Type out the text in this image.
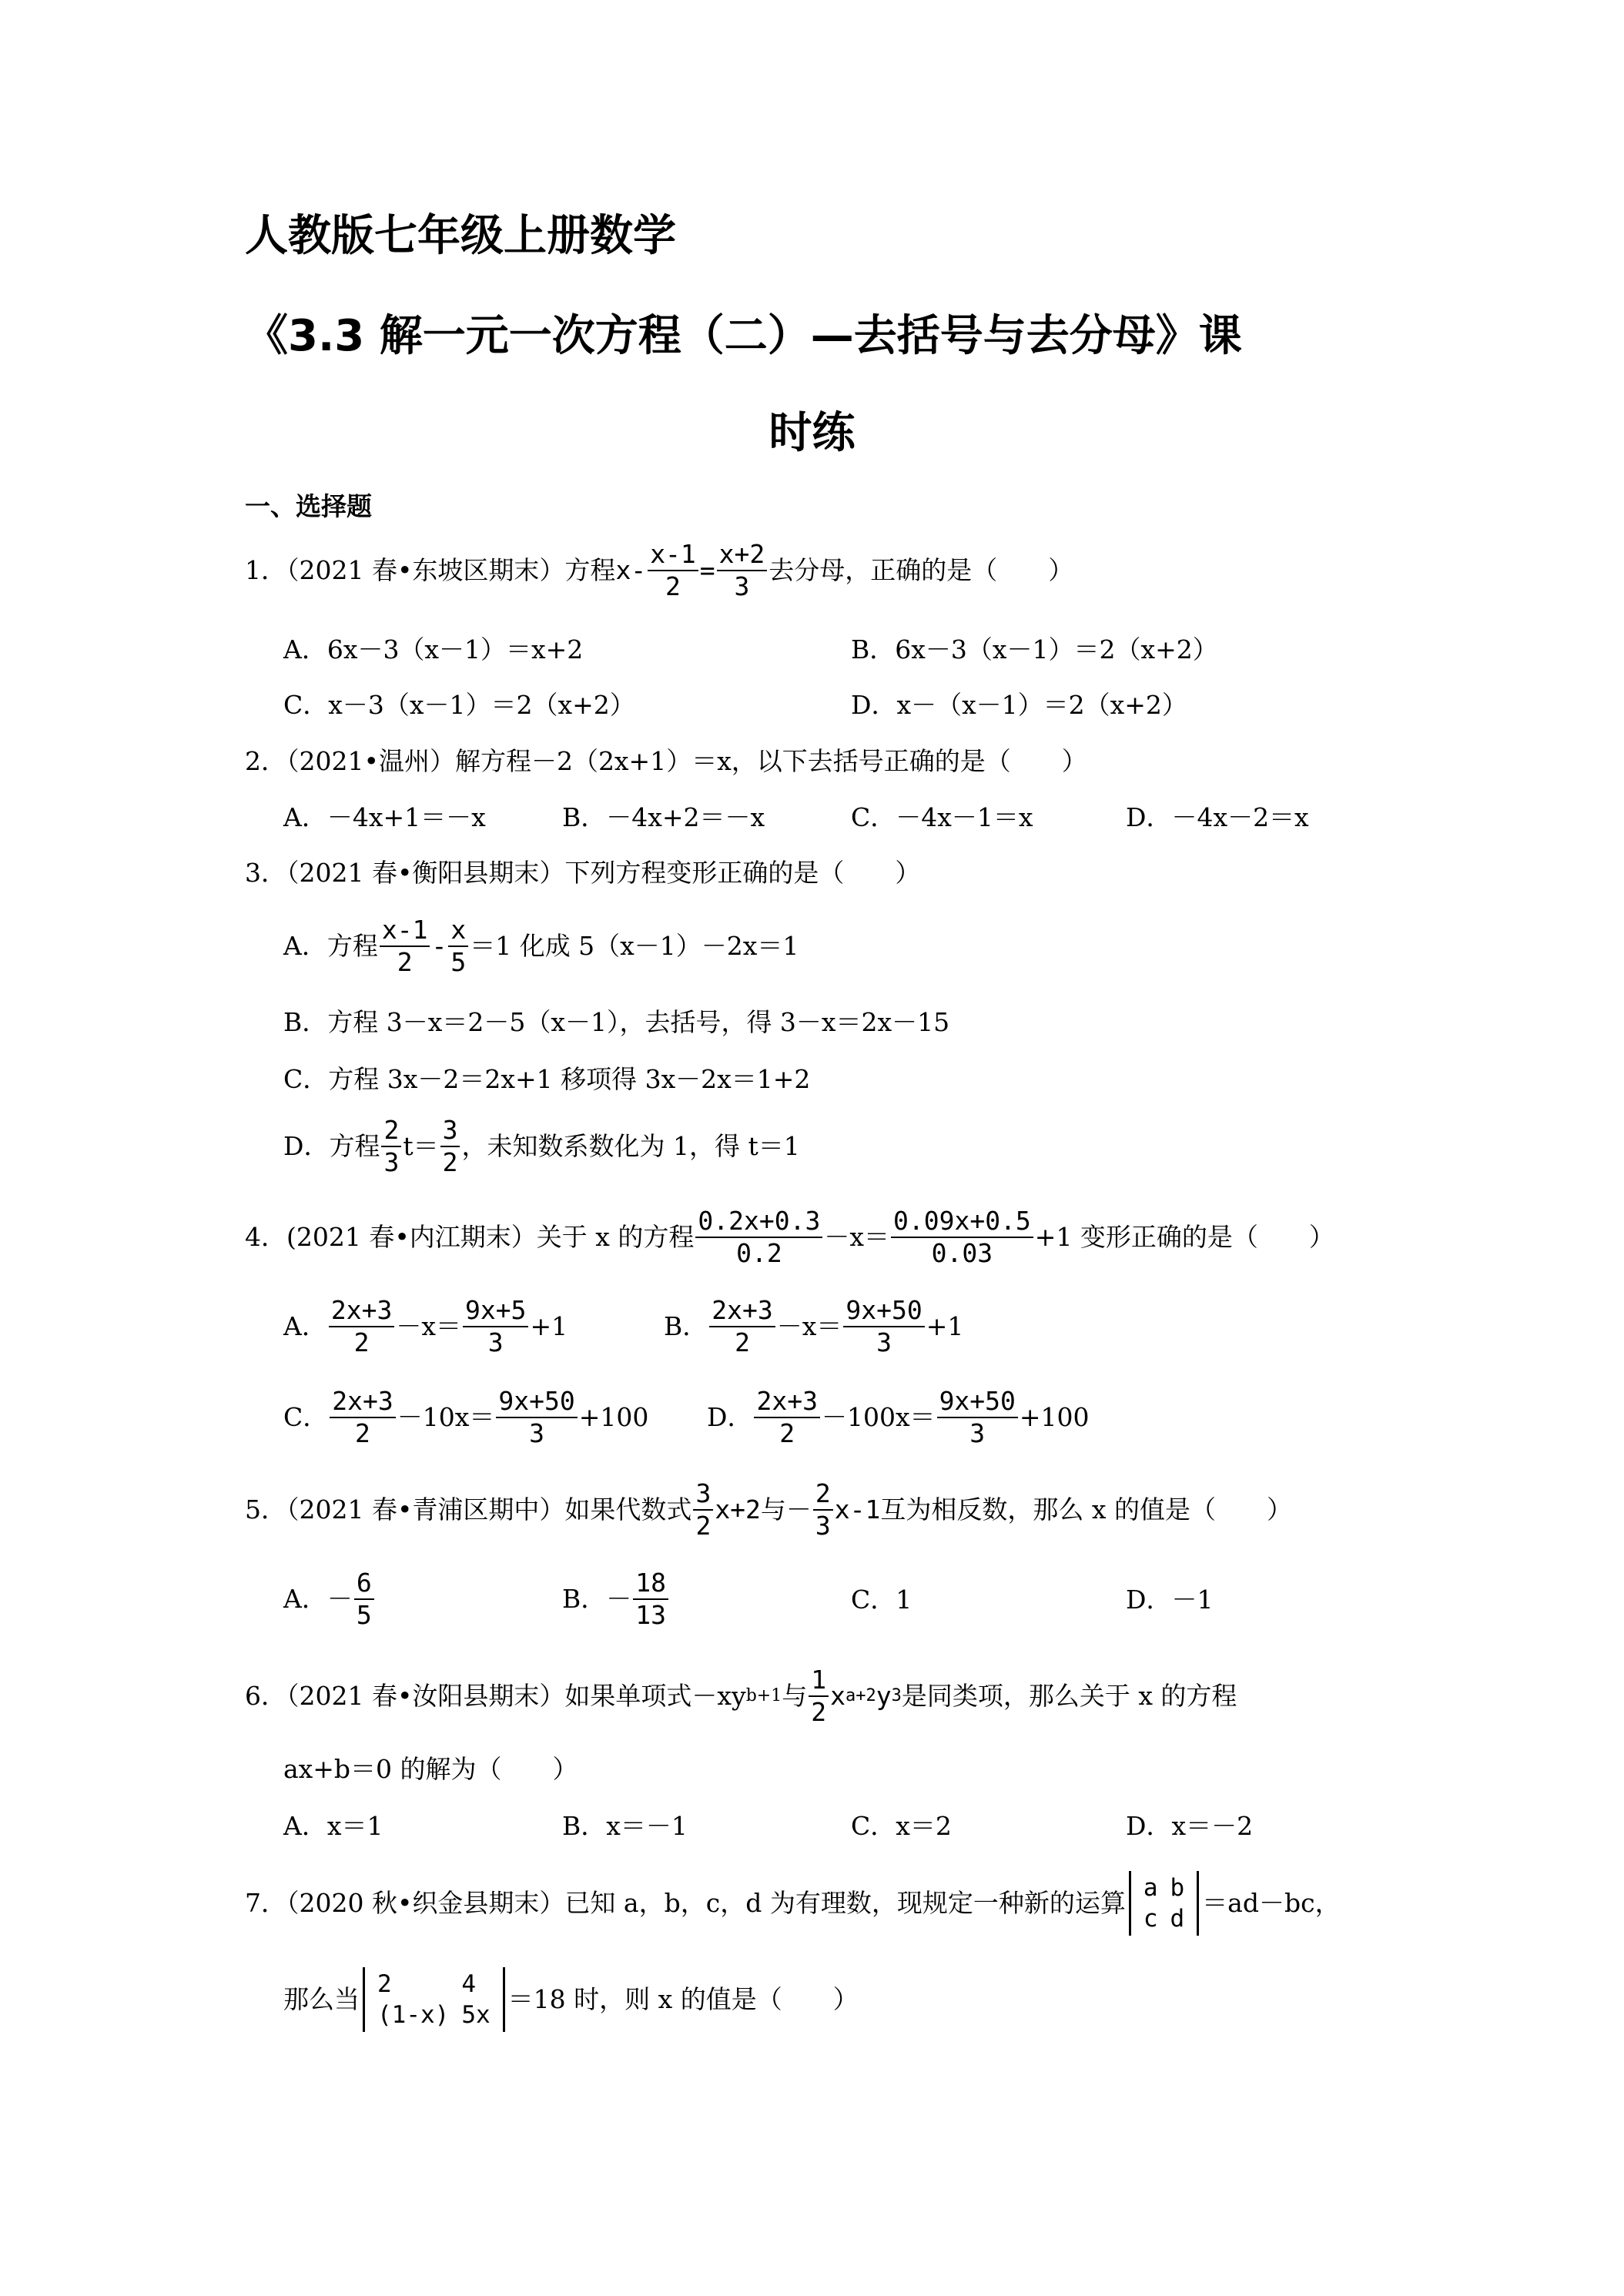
人教版七年级上册数学
《3.3 解一元一次方程（二）—去括号与去分母》课
时练
一、选择题
1．（2021 春•东坡区期末）方程 $x- \frac{x-1}{2} = \frac{x+2}{3}$ 去分母，正确的是（　　）
A．6x－3（x－1）＝x+2	B．6x－3（x－1）＝2（x+2）
C．x－3（x－1）＝2（x+2）	D．x－（x－1）＝2（x+2）
2．（2021•温州）解方程－2（2x+1）＝x，以下去括号正确的是（　　）
A．－4x+1＝－x	B．－4x+2＝－x	C．－4x－1＝x	D．－4x－2＝x
3．（2021 春•衡阳县期末）下列方程变形正确的是（　　）
A．方程 $\frac{x-1}{2} - \frac{x}{5} =1$ 化成 5（x－1）－2x＝1
B．方程 3－x＝2－5（x－1），去括号，得 3－x＝2x－15
C．方程 3x－2＝2x+1 移项得 3x－2x＝1+2
D．方程 $\frac{2}{3} t= \frac{3}{2}$ ，未知数系数化为 1，得 t＝1
4．(2021 春•内江期末）关于 x 的方程 $\frac{0.2x+0.3}{0.2} -x= \frac{0.09x+0.5}{0.03} +1$ 变形正确的是（　　）
A． $\frac{2x+3}{2} -x= \frac{9x+5}{3} +1$	B． $\frac{2x+3}{2} -x= \frac{9x+50}{3} +1$
C． $\frac{2x+3}{2} -10x= \frac{9x+50}{3} +100$ D． $\frac{2x+3}{2} -100x= \frac{9x+50}{3} +100$
5．（2021 春•青浦区期中）如果代数式 $\frac{3}{2} x+2$ 与－ $\frac{2}{3} x-1$ 互为相反数，那么 x 的值是（　　）
A．－ $\frac{6}{5}$	B．－ $\frac{18}{13}$	C．1	D．－1
6．（2021 春•汝阳县期末）如果单项式－xy b+1 与 $\frac{1}{2}$ x a+2 y 3 是同类项，那么关于 x 的方程
ax+b＝0 的解为（　　）
A．x＝1	B．x＝－1	C．x＝2	D．x＝－2
7．（2020 秋•织金县期末）已知 a，b，c，d 为有理数，现规定一种新的运算 a	b
c	d
＝ad－bc，
那么当 2	4
(1-x)	5x
＝18 时，则 x 的值是（　　）
